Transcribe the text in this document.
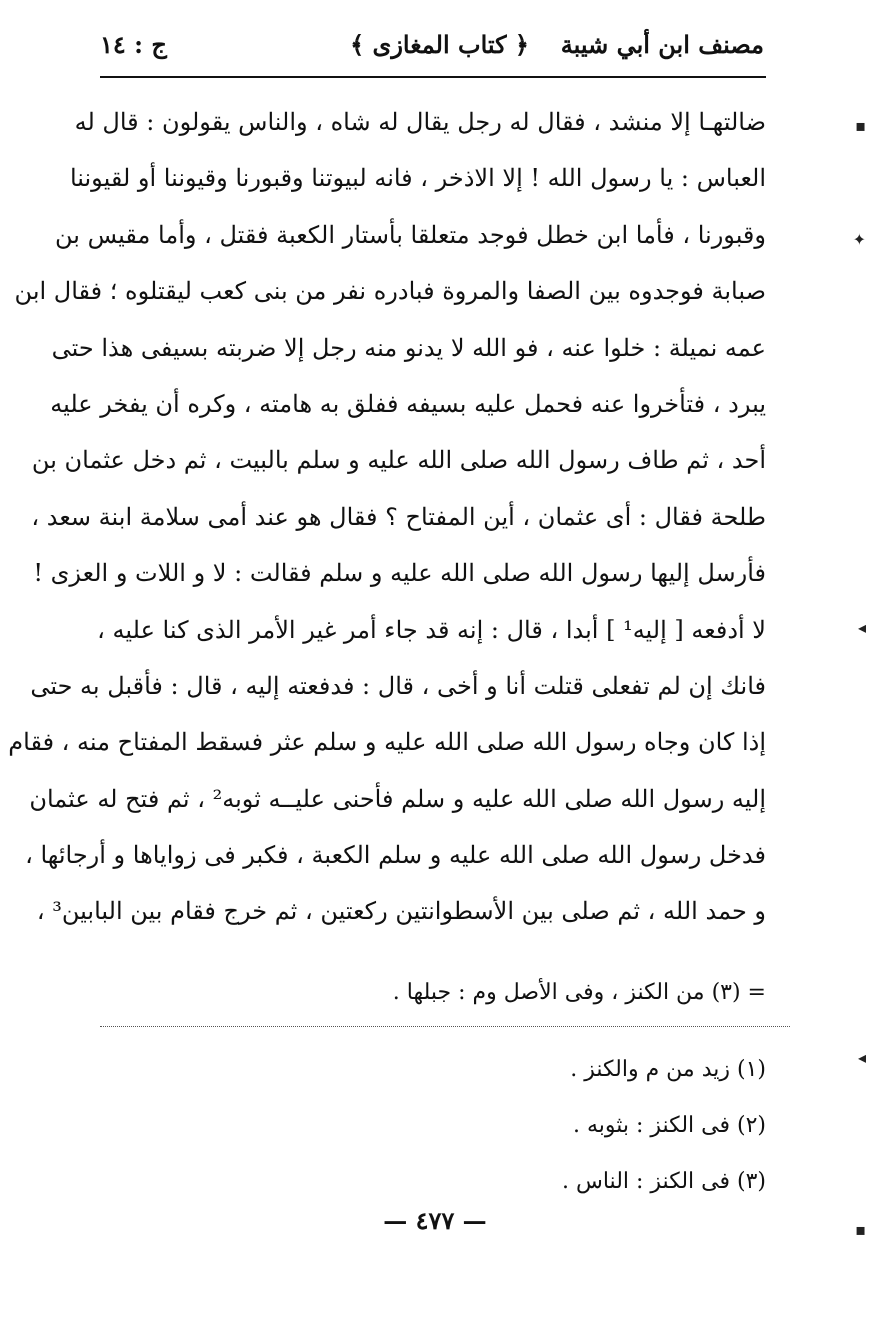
مصنف ابن أبي شيبة
﴿ كتاب المغازى ﴾
ج : ١٤
ضالتهـا إلا منشد ، فقال له رجل يقال له شاه ، والناس يقولون : قال له
العباس : يا رسول الله ! إلا الاذخر ، فانه لبيوتنا وقبورنا وقيوننا أو لقيوننا
وقبورنا ، فأما ابن خطل فوجد متعلقا بأستار الكعبة فقتل ، وأما مقيس بن
صبابة فوجدوه بين الصفا والمروة فبادره نفر من بنى كعب ليقتلوه ؛ فقال ابن
عمه نميلة : خلوا عنه ، فو الله لا يدنو منه رجل إلا ضربته بسيفى هذا حتى
يبرد ، فتأخروا عنه فحمل عليه بسيفه ففلق به هامته ، وكره أن يفخر عليه
أحد ، ثم طاف رسول الله صلى الله عليه و سلم بالبيت ، ثم دخل عثمان بن
طلحة فقال : أى عثمان ، أين المفتاح ؟ فقال هو عند أمى سلامة ابنة سعد ،
فأرسل إليها رسول الله صلى الله عليه و سلم فقالت : لا و اللات و العزى !
لا أدفعه [ إليه¹ ] أبدا ، قال : إنه قد جاء أمر غير الأمر الذى كنا عليه ،
فانك إن لم تفعلى قتلت أنا و أخى ، قال : فدفعته إليه ، قال : فأقبل به حتى
إذا كان وجاه رسول الله صلى الله عليه و سلم عثر فسقط المفتاح منه ، فقام
إليه رسول الله صلى الله عليه و سلم فأحنى عليــه ثوبه² ، ثم فتح له عثمان
فدخل رسول الله صلى الله عليه و سلم الكعبة ، فكبر فى زواياها و أرجائها ،
و حمد الله ، ثم صلى بين الأسطوانتين ركعتين ، ثم خرج فقام بين البابين³ ،
= (٣) من الكنز ، وفى الأصل وم : جبلها .
(١) زيد من م والكنز .
(٢) فى الكنز : بثوبه .
(٣) فى الكنز : الناس .
— ٤٧٧ —
▪
✦
◂
◂
▪
